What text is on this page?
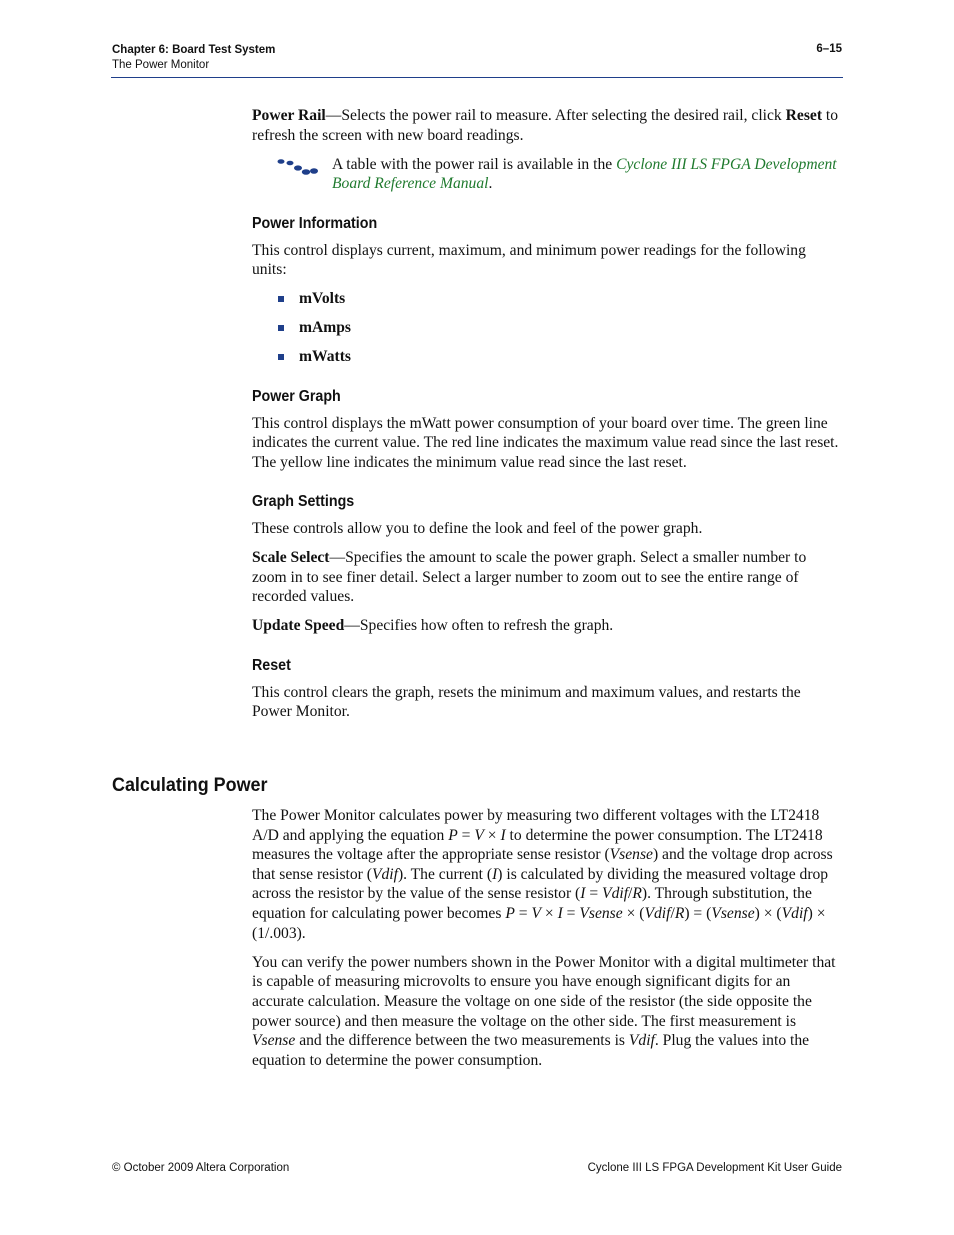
Chapter 6: Board Test System
The Power Monitor
6–15

Power Rail—Selects the power rail to measure. After selecting the desired rail, click Reset to refresh the screen with new board readings.

A table with the power rail is available in the Cyclone III LS FPGA Development Board Reference Manual.
Power Information

This control displays current, maximum, and minimum power readings for the following units:

mVolts
mAmps
mWatts
Power Graph

This control displays the mWatt power consumption of your board over time. The green line indicates the current value. The red line indicates the maximum value read since the last reset. The yellow line indicates the minimum value read since the last reset.

Graph Settings

These controls allow you to define the look and feel of the power graph.

Scale Select—Specifies the amount to scale the power graph. Select a smaller number to zoom in to see finer detail. Select a larger number to zoom out to see the entire range of recorded values.

Update Speed—Specifies how often to refresh the graph.

Reset

This control clears the graph, resets the minimum and maximum values, and restarts the Power Monitor.

Calculating Power

The Power Monitor calculates power by measuring two different voltages with the LT2418 A/D and applying the equation P = V × I to determine the power consumption. The LT2418 measures the voltage after the appropriate sense resistor (Vsense) and the voltage drop across that sense resistor (Vdif). The current (I) is calculated by dividing the measured voltage drop across the resistor by the value of the sense resistor (I = Vdif/R). Through substitution, the equation for calculating power becomes P = V × I = Vsense × (Vdif/R) = (Vsense) × (Vdif) × (1/.003).

You can verify the power numbers shown in the Power Monitor with a digital multimeter that is capable of measuring microvolts to ensure you have enough significant digits for an accurate calculation. Measure the voltage on one side of the resistor (the side opposite the power source) and then measure the voltage on the other side. The first measurement is Vsense and the difference between the two measurements is Vdif. Plug the values into the equation to determine the power consumption.

© October 2009 Altera Corporation	Cyclone III LS FPGA Development Kit User Guide
